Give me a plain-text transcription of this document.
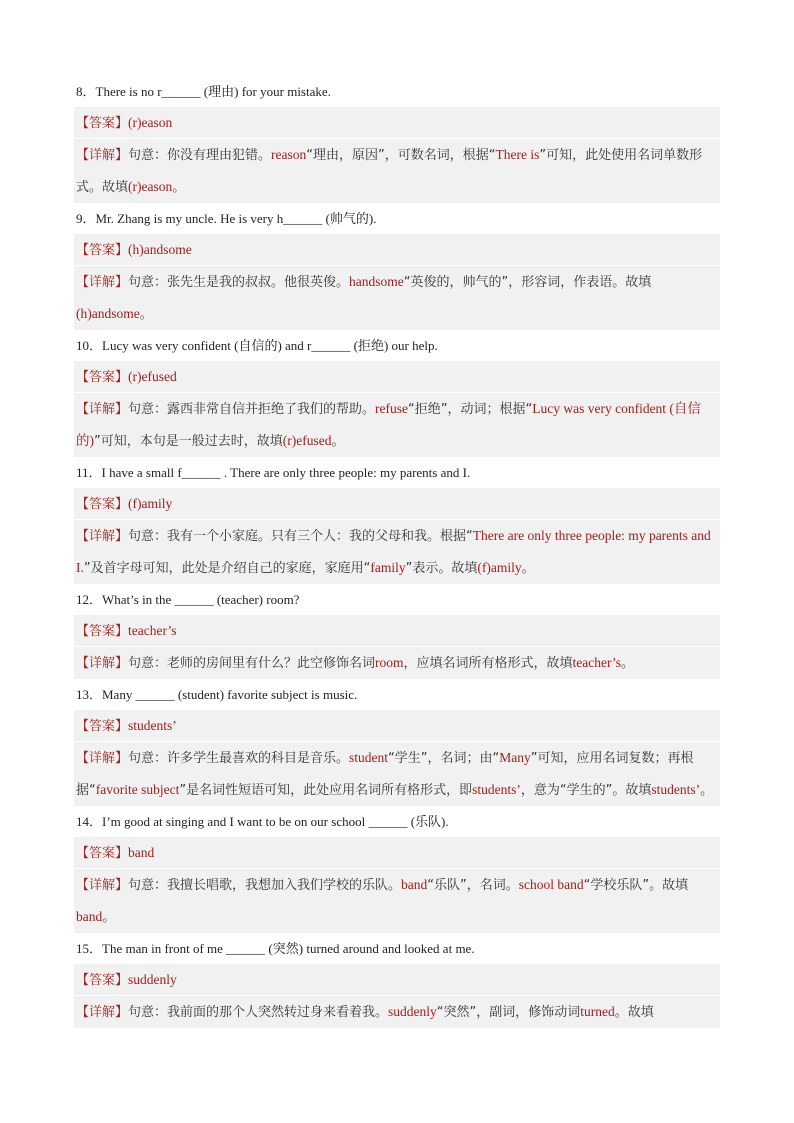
8．There is no r______ (理由) for your mistake.
【答案】(r)eason
【详解】句意：你没有理由犯错。reason“理由，原因”，可数名词，根据“There is”可知，此处使用名词单数形式。故填(r)eason。
9．Mr. Zhang is my uncle. He is very h______ (帅气的).
【答案】(h)andsome
【详解】句意：张先生是我的叔叔。他很英俊。handsome“英俊的，帅气的”，形容词，作表语。故填(h)andsome。
10．Lucy was very confident (自信的) and r______ (拒绝) our help.
【答案】(r)efused
【详解】句意：露西非常自信并拒绝了我们的帮助。refuse“拒绝”，动词；根据“Lucy was very confident (自信的)”可知，本句是一般过去时，故填(r)efused。
11．I have a small f______ . There are only three people: my parents and I.
【答案】(f)amily
【详解】句意：我有一个小家庭。只有三个人：我的父母和我。根据“There are only three people: my parents and I.”及首字母可知，此处是介绍自己的家庭，家庭用“family”表示。故填(f)amily。
12．What’s in the ______ (teacher) room?
【答案】teacher’s
【详解】句意：老师的房间里有什么？此空修饰名词room，应填名词所有格形式，故填teacher’s。
13．Many ______ (student) favorite subject is music.
【答案】students’
【详解】句意：许多学生最喜欢的科目是音乐。student“学生”，名词；由“Many”可知，应用名词复数；再根据“favorite subject”是名词性短语可知，此处应用名词所有格形式，即students’，意为“学生的”。故填students’。
14．I’m good at singing and I want to be on our school ______ (乐队).
【答案】band
【详解】句意：我擅长唱歌，我想加入我们学校的乐队。band“乐队”，名词。school band“学校乐队”。故填band。
15．The man in front of me ______ (突然) turned around and looked at me.
【答案】suddenly
【详解】句意：我前面的那个人突然转过身来看着我。suddenly“突然”，副词，修饰动词turned。故填
